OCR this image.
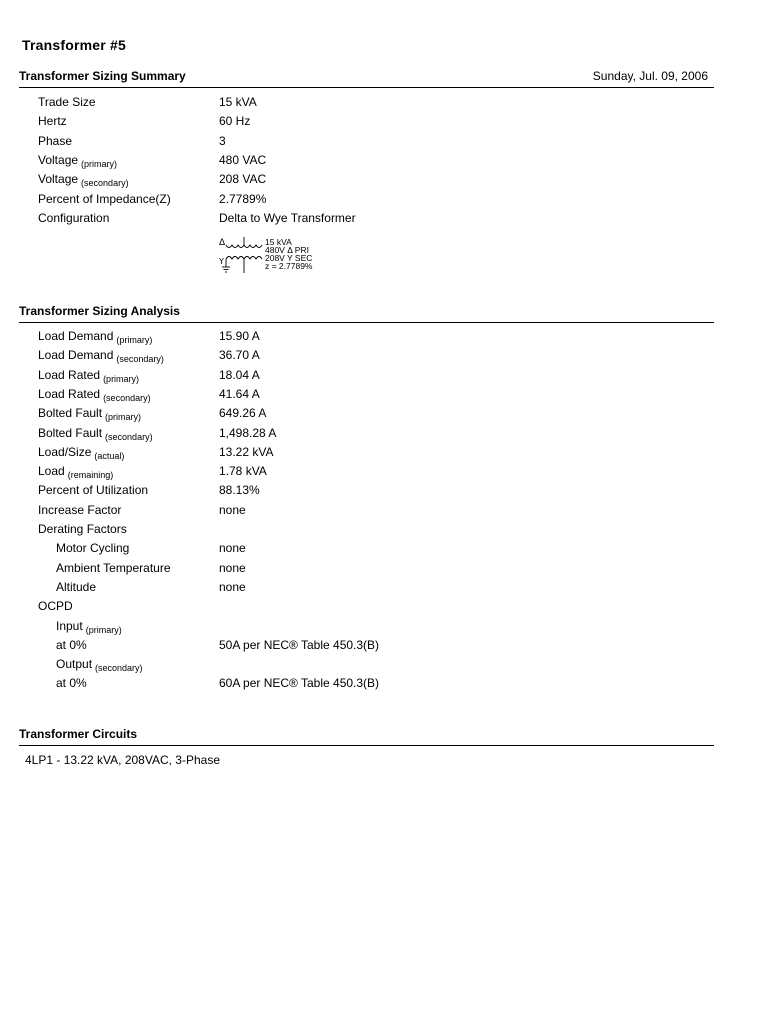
Transformer #5
Transformer Sizing Summary	Sunday, Jul. 09, 2006
Trade Size	15 kVA
Hertz	60 Hz
Phase	3
Voltage $_{(primary)}$	480 VAC
Voltage $_{(secondary)}$	208 VAC
Percent of Impedance(Z)	2.7789%
Configuration	Delta to Wye Transformer
Δ
Y
15 kVA
480V Δ PRI
208V Y SEC
z = 2.7789%
Transformer Sizing Analysis
Load Demand $_{(primary)}$	15.90 A
Load Demand $_{(secondary)}$	36.70 A
Load Rated $_{(primary)}$	18.04 A
Load Rated $_{(secondary)}$	41.64 A
Bolted Fault $_{(primary)}$	649.26 A
Bolted Fault $_{(secondary)}$	1,498.28 A
Load/Size $_{(actual)}$	13.22 kVA
Load $_{(remaining)}$	1.78 kVA
Percent of Utilization	88.13%
Increase Factor	none
Derating Factors
Motor Cycling	none
Ambient Temperature	none
Altitude	none
OCPD
Input $_{(primary)}$
at 0%	50A per NEC® Table 450.3(B)
Output $_{(secondary)}$
at 0%	60A per NEC® Table 450.3(B)
Transformer Circuits
4LP1 - 13.22 kVA, 208VAC, 3-Phase
